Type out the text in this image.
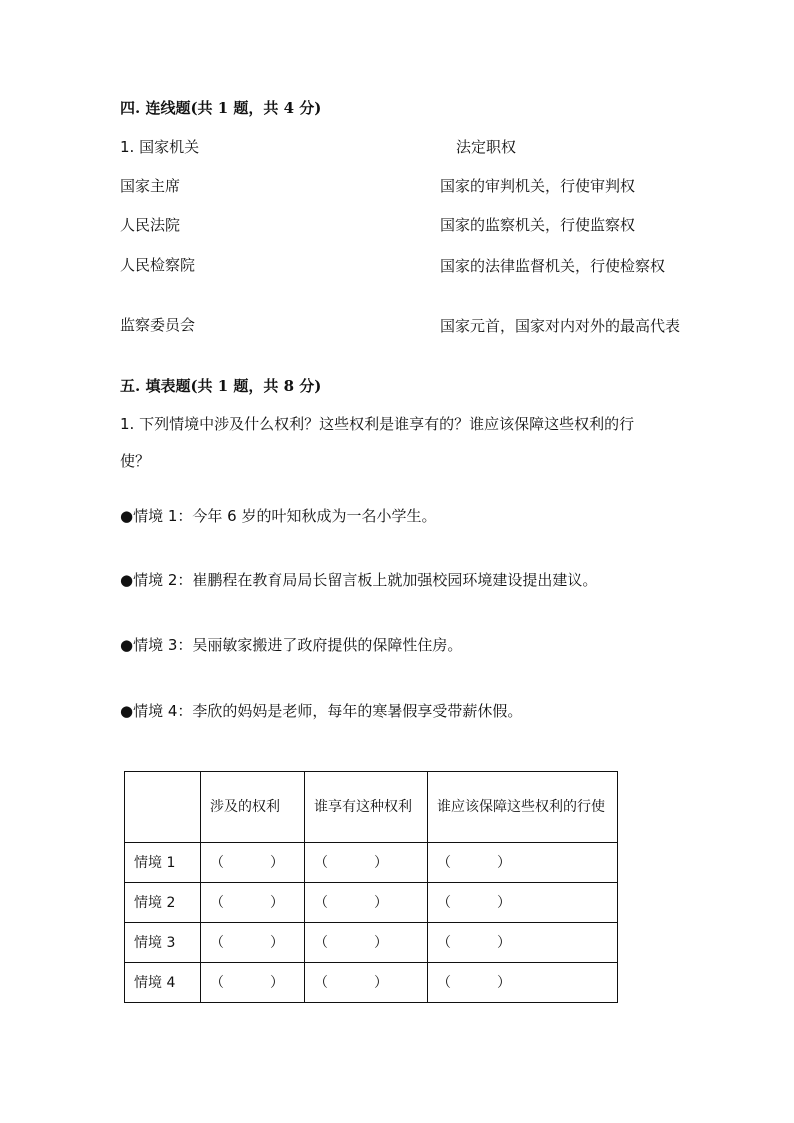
四. 连线题(共 1 题，共 4 分)
1. 国家机关	法定职权
国家主席	国家的审判机关，行使审判权
人民法院	国家的监察机关，行使监察权
人民检察院	国家的法律监督机关，行使检察权
监察委员会	国家元首，国家对内对外的最高代表
五. 填表题(共 1 题，共 8 分)
1. 下列情境中涉及什么权利？这些权利是谁享有的？谁应该保障这些权利的行
使？
●情境 1：今年 6 岁的叶知秋成为一名小学生。
●情境 2：崔鹏程在教育局局长留言板上就加强校园环境建设提出建议。
●情境 3：吴丽敏家搬进了政府提供的保障性住房。
●情境 4：李欣的妈妈是老师，每年的寒暑假享受带薪休假。
	涉及的权利	谁享有这种权利	谁应该保障这些权利的行使
情境 1	（ ）	（ ）	（ ）
情境 2	（ ）	（ ）	（ ）
情境 3	（ ）	（ ）	（ ）
情境 4	（ ）	（ ）	（ ）
